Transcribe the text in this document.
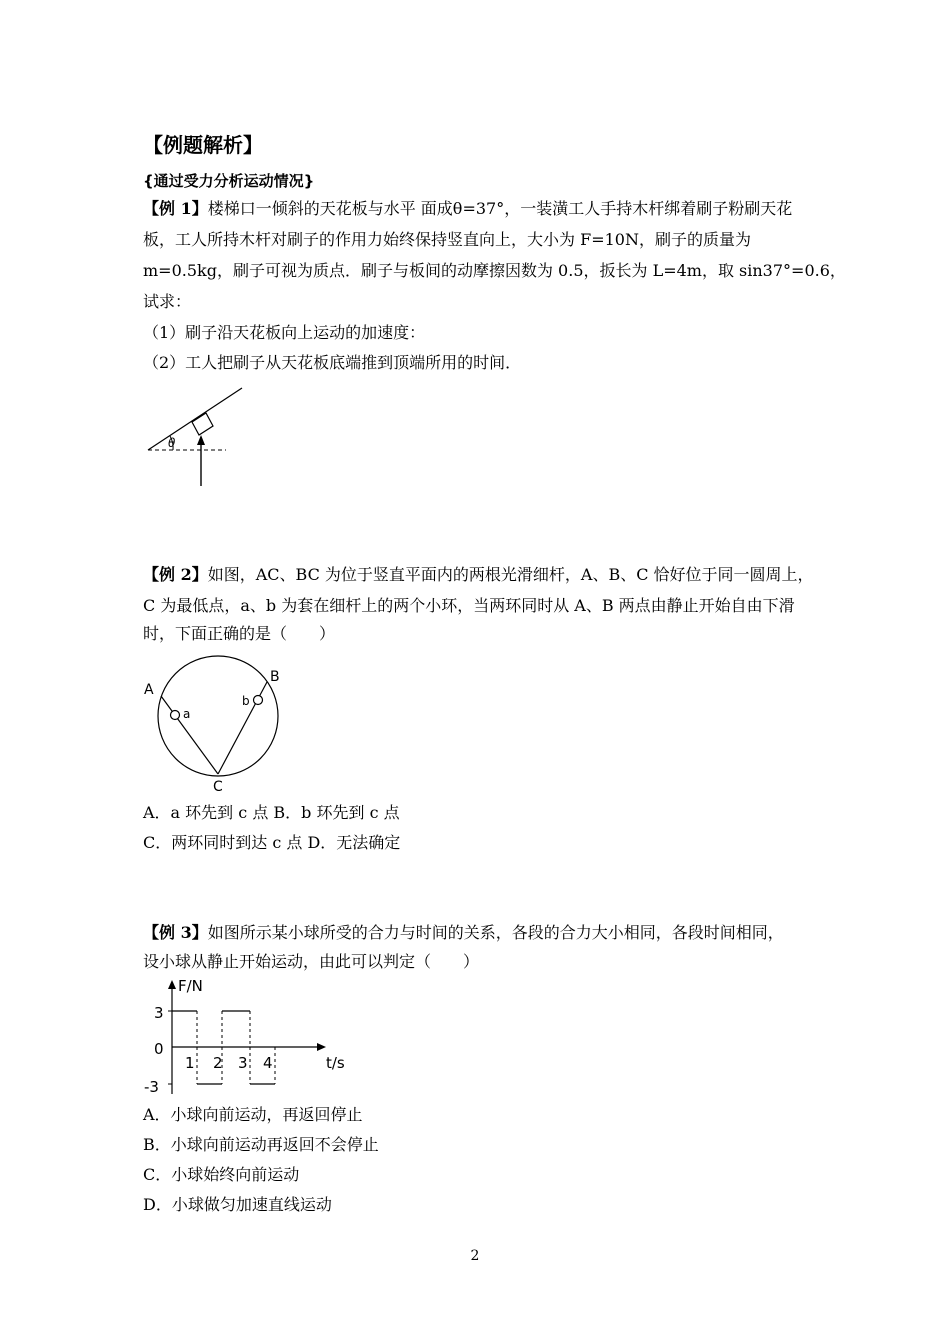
【例题解析】
{通过受力分析运动情况}
【例 1】楼梯口一倾斜的天花板与水平 面成θ=37°，一装潢工人手持木杆绑着刷子粉刷天花
板，工人所持木杆对刷子的作用力始终保持竖直向上，大小为 F=10N，刷子的质量为
m=0.5kg，刷子可视为质点．刷子与板间的动摩擦因数为 0.5，扳长为 L=4m，取 sin37°=0.6，
试求：
（1）刷子沿天花板向上运动的加速度：
（2）工人把刷子从天花板底端推到顶端所用的时间．
θ
【例 2】如图，AC、BC 为位于竖直平面内的两根光滑细杆，A、B、C 恰好位于同一圆周上，
C 为最低点，a、b 为套在细杆上的两个小环，当两环同时从 A、B 两点由静止开始自由下滑
时，下面正确的是（　　）
A
B
C
a
b
A．a 环先到 c 点 B．b 环先到 c 点
C．两环同时到达 c 点 D．无法确定
【例 3】如图所示某小球所受的合力与时间的关系，各段的合力大小相同，各段时间相同，
设小球从静止开始运动，由此可以判定（　　）
F/N
t/s
3
0
-3
1 2 3 4
A．小球向前运动，再返回停止
B．小球向前运动再返回不会停止
C．小球始终向前运动
D．小球做匀加速直线运动
2
